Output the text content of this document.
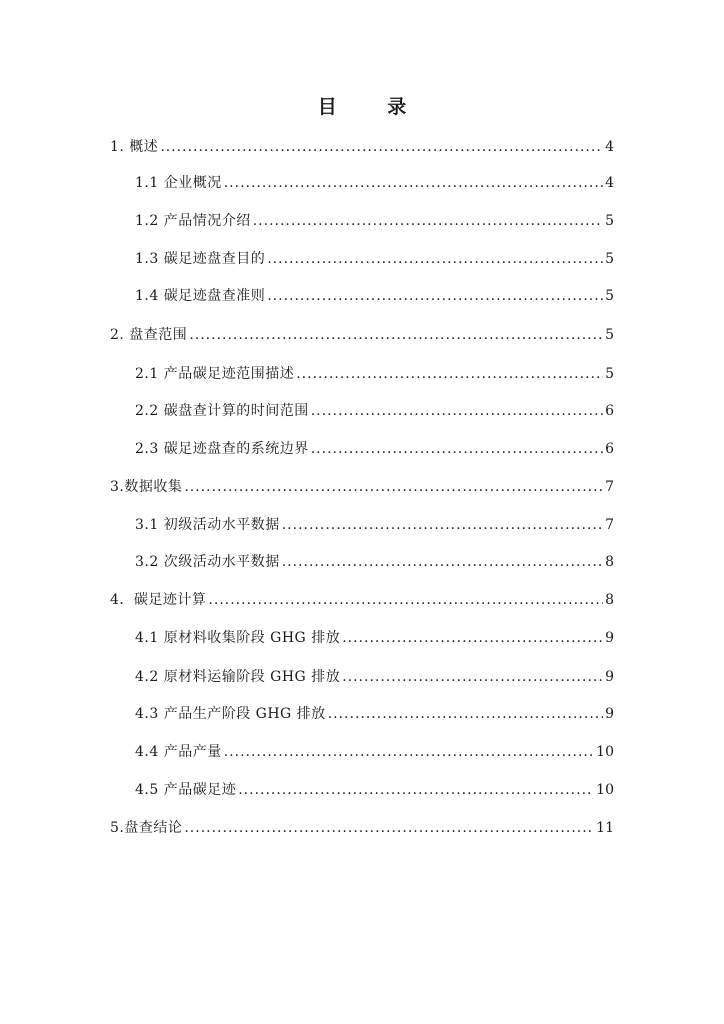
目 录
1. 概述 .....	4
1.1 企业概况 .....	4
1.2 产品情况介绍 .....	5
1.3 碳足迹盘查目的 .....	5
1.4 碳足迹盘查准则 .....	5
2. 盘查范围 .....	5
2.1 产品碳足迹范围描述 .....	5
2.2 碳盘查计算的时间范围 .....	6
2.3 碳足迹盘查的系统边界 .....	6
3.数据收集 .....	7
3.1 初级活动水平数据 .....	7
3.2 次级活动水平数据 .....	8
4．碳足迹计算 .....	8
4.1 原材料收集阶段 GHG 排放 .....	9
4.2 原材料运输阶段 GHG 排放 .....	9
4.3 产品生产阶段 GHG 排放 .....	9
4.4 产品产量 .....	10
4.5 产品碳足迹 .....	10
5.盘查结论 .....	11
